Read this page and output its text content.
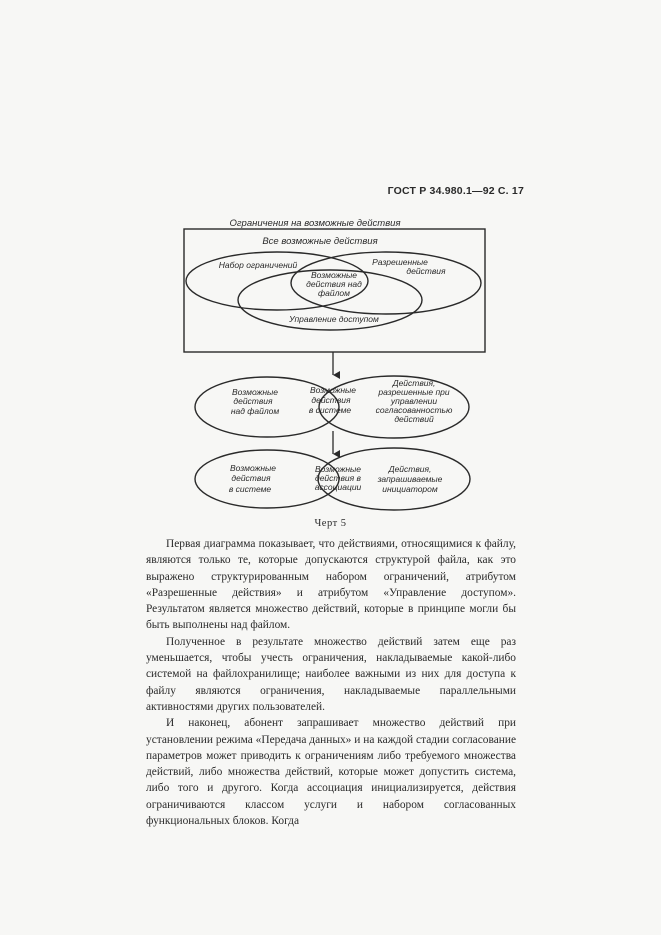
ГОСТ Р 34.980.1—92 С. 17
Ограничения на возможные действия
Все возможные действия
Набор ограничений	Разрешенные
действия
Возможные
действия над
файлом
Управление доступом
Возможные
действия
над файлом
Возможные
действия
в системе
Действия,
разрешенные при
управлении
согласованностью
действий
Возможные
действия
в системе
Возможные
действия в
ассоциации
Действия,
запрашиваемые
инициатором
Черт 5

Первая диаграмма показывает, что действиями, относящимися к файлу, являются только те, которые допускаются структурой файла, как это выражено структурированным набором ограничений, атрибутом «Разрешенные действия» и атрибутом «Управление доступом». Результатом является множество действий, которые в принципе могли бы быть выполнены над файлом.

Полученное в результате множество действий затем еще раз уменьшается, чтобы учесть ограничения, накладываемые какой-либо системой на файлохранилище; наиболее важными из них для доступа к файлу являются ограничения, накладываемые параллельными активностями других пользователей.

И наконец, абонент запрашивает множество действий при установлении режима «Передача данных» и на каждой стадии согласование параметров может приводить к ограничениям либо требуемого множества действий, либо множества действий, которые может допустить система, либо того и другого. Когда ассоциация инициализируется, действия ограничиваются классом услуги и набором согласованных функциональных блоков. Когда
